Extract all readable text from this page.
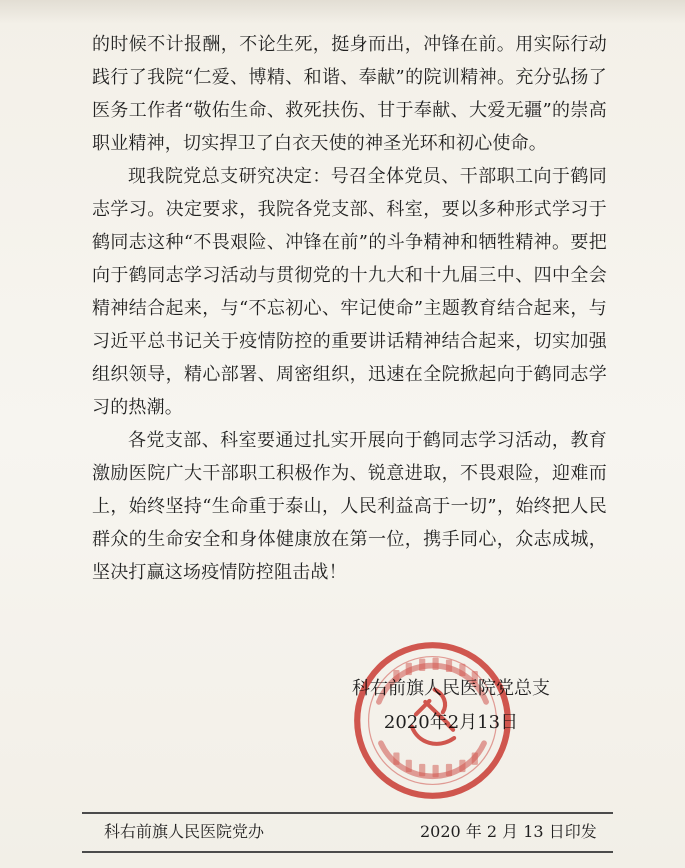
的时候不计报酬，不论生死，挺身而出，冲锋在前。用实际行动践行了我院“仁爱、博精、和谐、奉献”的院训精神。充分弘扬了医务工作者“敬佑生命、救死扶伤、甘于奉献、大爱无疆”的崇高职业精神，切实捍卫了白衣天使的神圣光环和初心使命。

现我院党总支研究决定：号召全体党员、干部职工向于鹤同志学习。决定要求，我院各党支部、科室，要以多种形式学习于鹤同志这种“不畏艰险、冲锋在前”的斗争精神和牺牲精神。要把向于鹤同志学习活动与贯彻党的十九大和十九届三中、四中全会精神结合起来，与“不忘初心、牢记使命”主题教育结合起来，与习近平总书记关于疫情防控的重要讲话精神结合起来，切实加强组织领导，精心部署、周密组织，迅速在全院掀起向于鹤同志学习的热潮。

各党支部、科室要通过扎实开展向于鹤同志学习活动，教育激励医院广大干部职工积极作为、锐意进取，不畏艰险，迎难而上，始终坚持“生命重于泰山，人民利益高于一切”，始终把人民群众的生命安全和身体健康放在第一位，携手同心，众志成城，坚决打赢这场疫情防控阻击战！

科右前旗人民医院党总支
2020年2月13日
科右前旗人民医院党办	2020 年 2 月 13 日印发
